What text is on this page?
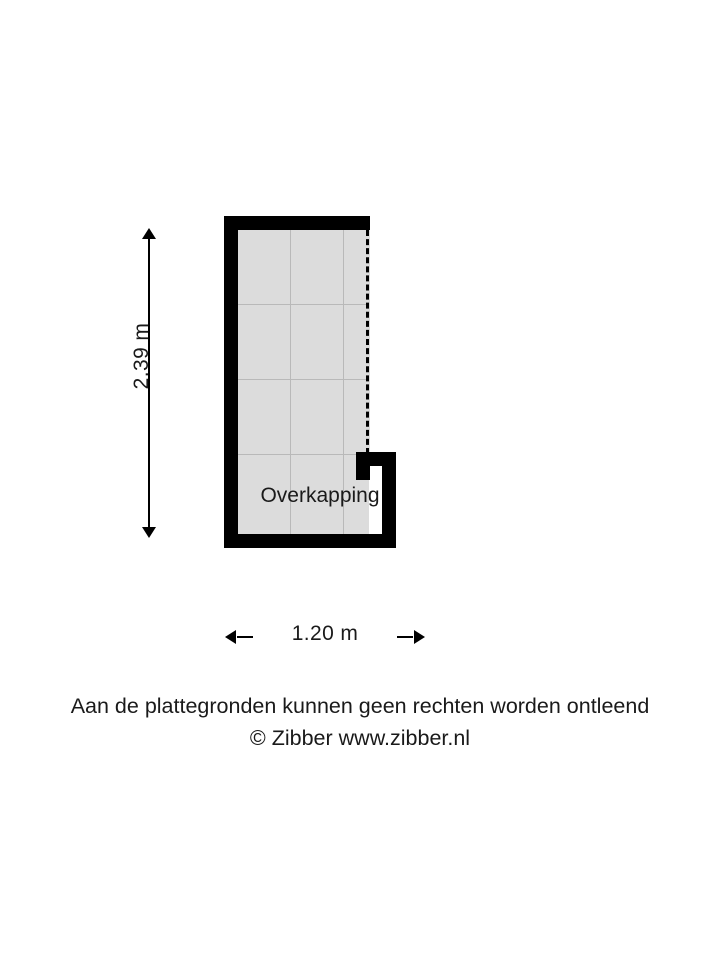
2.39 m
Overkapping
1.20 m
Aan de plattegronden kunnen geen rechten worden ontleend
© Zibber www.zibber.nl
